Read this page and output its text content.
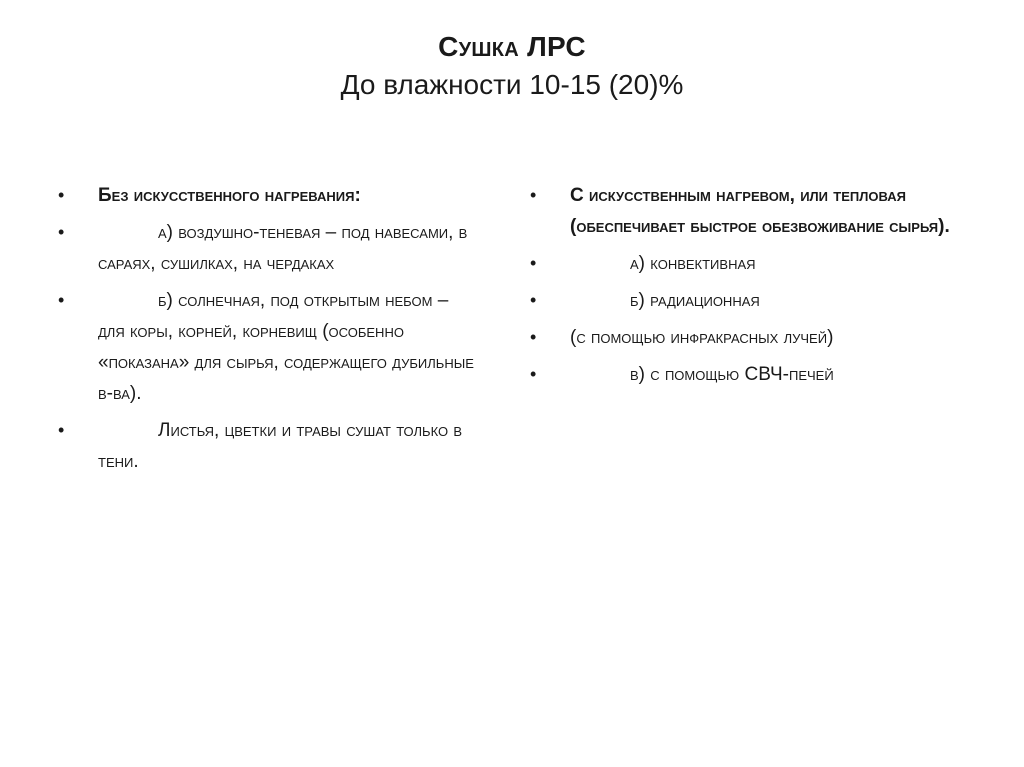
Сушка ЛРС
До влажности 10-15 (20)%
•	Без искусственного нагревания:
•	а) воздушно-теневая – под навесами, в сараях, сушилках, на чердаках
•	б) солнечная, под открытым небом – для коры, корней, корневищ (особенно «показана» для сырья, содержащего дубильные в-ва).
•	Листья, цветки и травы сушат только в тени.
•	С искусственным нагревом, или тепловая (обеспечивает быстрое обезвоживание сырья).
•	а) конвективная
•	б) радиационная
•	(с помощью инфракрасных лучей)
•	в) с помощью СВЧ-печей
